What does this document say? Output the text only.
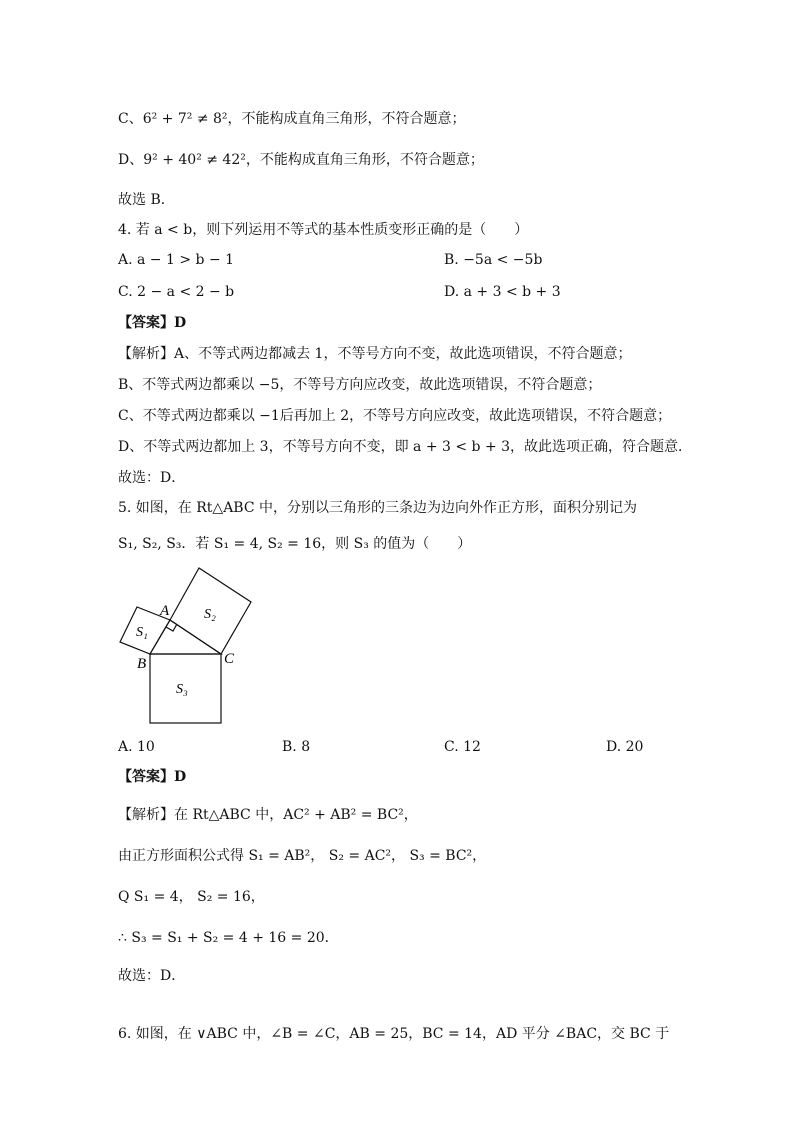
C、6² + 7² ≠ 8²，不能构成直角三角形，不符合题意；
D、9² + 40² ≠ 42²，不能构成直角三角形，不符合题意；
故选 B．
4. 若 a < b，则下列运用不等式的基本性质变形正确的是（　　）
A. a − 1 > b − 1	B. −5a < −5b
C. 2 − a < 2 − b	D. a + 3 < b + 3
【答案】D
【解析】A、不等式两边都减去 1，不等号方向不变，故此选项错误，不符合题意；
B、不等式两边都乘以 −5，不等号方向应改变，故此选项错误，不符合题意；
C、不等式两边都乘以 −1后再加上 2，不等号方向应改变，故此选项错误，不符合题意；
D、不等式两边都加上 3，不等号方向不变，即 a + 3 < b + 3，故此选项正确，符合题意．
故选：D．
5. 如图，在 Rt△ABC 中，分别以三角形的三条边为边向外作正方形，面积分别记为
S₁, S₂, S₃．若 S₁ = 4, S₂ = 16，则 S₃ 的值为（　　）
A
B	C
S₁
S₂
S₃
A. 10	B. 8	C. 12	D. 20
【答案】D
【解析】在 Rt△ABC 中，AC² + AB² = BC²，
由正方形面积公式得 S₁ = AB²， S₂ = AC²， S₃ = BC²，
Q S₁ = 4， S₂ = 16，
∴ S₃ = S₁ + S₂ = 4 + 16 = 20．
故选：D．
6. 如图，在 ∨ABC 中，∠B = ∠C，AB = 25，BC = 14，AD 平分 ∠BAC，交 BC 于
